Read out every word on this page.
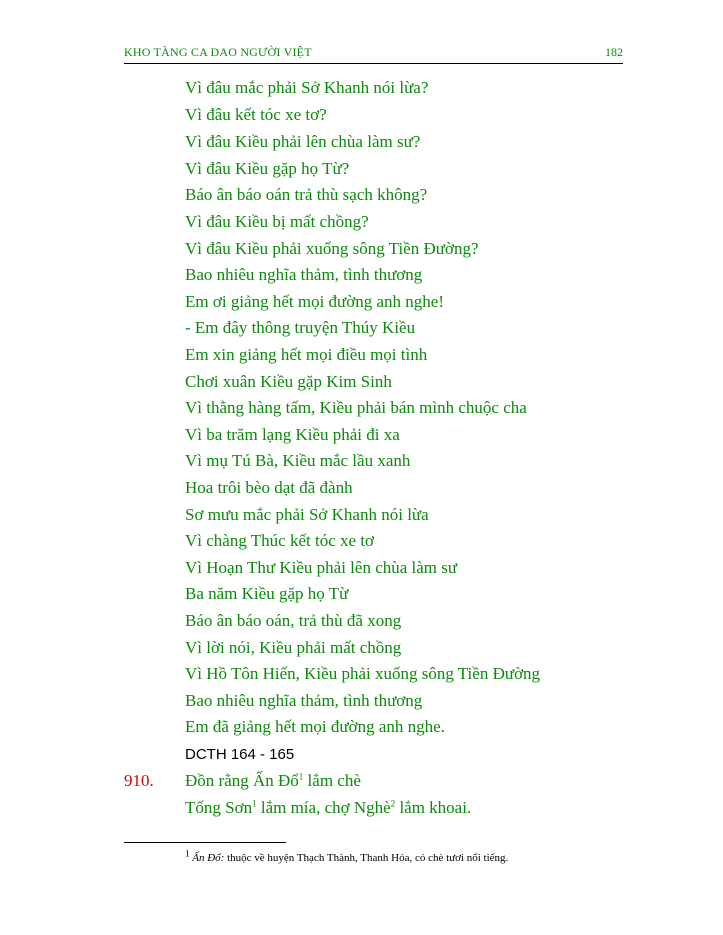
KHO TÀNG CA DAO NGƯỜI VIỆT	182
Vì đâu mắc phải Sở Khanh nói lừa?
Vì đâu kết tóc xe tơ?
Vì đâu Kiều phải lên chùa làm sư?
Vì đâu Kiều gặp họ Từ?
Báo ân báo oán trả thù sạch không?
Vì đâu Kiều bị mất chồng?
Vì đâu Kiều phải xuống sông Tiền Đường?
Bao nhiêu nghĩa thảm, tình thương
Em ơi giảng hết mọi đường anh nghe!
- Em đây thông truyện Thúy Kiều
Em xin giảng hết mọi điều mọi tình
Chơi xuân Kiều gặp Kim Sinh
Vì thằng hàng tấm, Kiều phải bán mình chuộc cha
Vì ba trăm lạng Kiều phải đi xa
Vì mụ Tú Bà, Kiều mắc lầu xanh
Hoa trôi bèo dạt đã đành
Sơ mưu mắc phải Sở Khanh nói lừa
Vì chàng Thúc kết tóc xe tơ
Vì Hoạn Thư Kiều phải lên chùa làm sư
Ba năm Kiều gặp họ Từ
Báo ân báo oán, trả thù đã xong
Vì lời nói, Kiều phải mất chồng
Vì Hồ Tôn Hiến, Kiều phải xuống sông Tiền Đường
Bao nhiêu nghĩa thảm, tình thương
Em đã giảng hết mọi đường anh nghe.
DCTH 164 - 165
910. Đồn rằng Ấn Đổ$^1$ lắm chè
Tống Sơn$^1$ lắm mía, chợ Nghè$^2$ lắm khoai.
$^1$ Ấn Đổ: thuộc về huyện Thạch Thành, Thanh Hóa, có chè tươi nổi tiếng.
